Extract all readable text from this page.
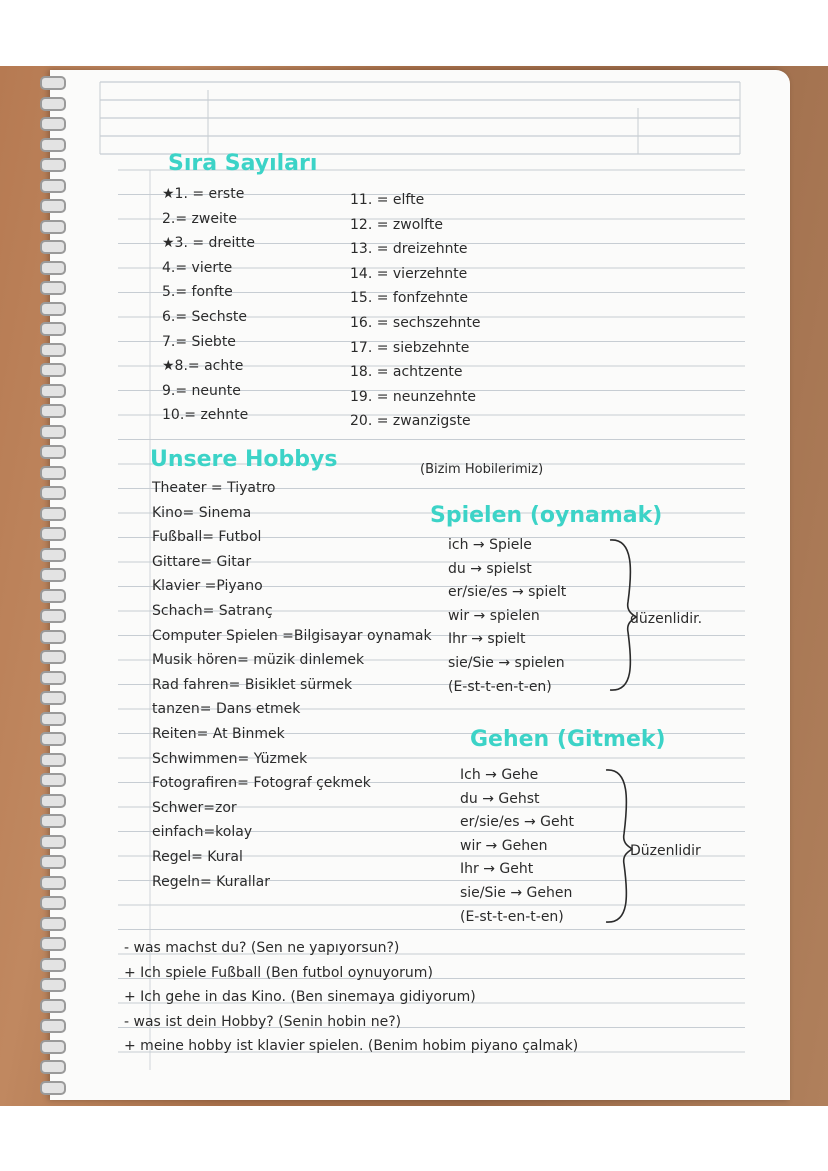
Sıra Sayıları
★1. = erste
2.= zweite
★3. = dreitte
4.= vierte
5.= fonfte
6.= Sechste
7.= Siebte
★8.= achte
9.= neunte
10.= zehnte
11. = elfte
12. = zwolfte
13. = dreizehnte
14. = vierzehnte
15. = fonfzehnte
16. = sechszehnte
17. = siebzehnte
18. = achtzente
19. = neunzehnte
20. = zwanzigste
Unsere Hobbys	(Bizim Hobilerimiz)
Theater = Tiyatro
Kino= Sinema
Fußball= Futbol
Gittare= Gitar
Klavier =Piyano
Schach= Satranç
Computer Spielen =Bilgisayar oynamak
Musik hören= müzik dinlemek
Rad fahren= Bisiklet sürmek
tanzen= Dans etmek
Reiten= At Binmek
Schwimmen= Yüzmek
Fotografiren= Fotograf çekmek
Schwer=zor
einfach=kolay
Regel= Kural
Regeln= Kurallar
Spielen (oynamak)
ich → Spiele
du → spielst
er/sie/es → spielt
wir → spielen
Ihr → spielt
sie/Sie → spielen
(E-st-t-en-t-en)
düzenlidir.
Gehen (Gitmek)
Ich → Gehe
du → Gehst
er/sie/es → Geht
wir → Gehen
Ihr → Geht
sie/Sie → Gehen
(E-st-t-en-t-en)
Düzenlidir
- was machst du? (Sen ne yapıyorsun?)
+ Ich spiele Fußball (Ben futbol oynuyorum)
+ Ich gehe in das Kino. (Ben sinemaya gidiyorum)
- was ist dein Hobby? (Senin hobin ne?)
+ meine hobby ist klavier spielen. (Benim hobim piyano çalmak)
